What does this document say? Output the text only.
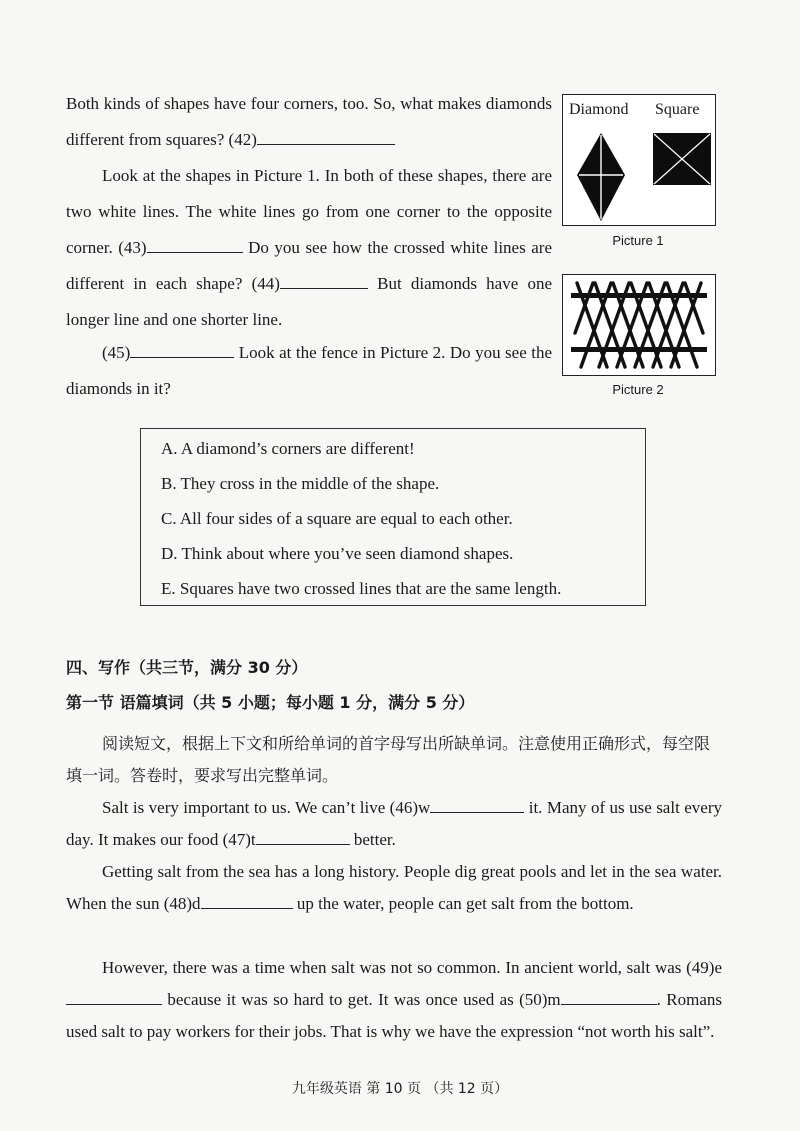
Both kinds of shapes have four corners, too. So, what makes diamonds different from squares? (42)

Look at the shapes in Picture 1. In both of these shapes, there are two white lines. The white lines go from one corner to the opposite corner. (43)	Do you see how the crossed white lines are different in each shape? (44)	But diamonds have one longer line and one shorter line.

(45)	Look at the fence in Picture 2. Do you see the diamonds in it?

Diamond Square
Picture 1
Picture 2
A. A diamond’s corners are different!
B. They cross in the middle of the shape.
C. All four sides of a square are equal to each other.
D. Think about where you’ve seen diamond shapes.
E. Squares have two crossed lines that are the same length.
四、写作（共三节，满分 30 分）
第一节 语篇填词（共 5 小题；每小题 1 分，满分 5 分）

阅读短文，根据上下文和所给单词的首字母写出所缺单词。注意使用正确形式，每空限填一词。答卷时，要求写出完整单词。

Salt is very important to us. We can’t live (46)w	it. Many of us use salt every day. It makes our food (47)t	better.

Getting salt from the sea has a long history. People dig great pools and let in the sea water. When the sun (48)d	up the water, people can get salt from the bottom.

However, there was a time when salt was not so common. In ancient world, salt was (49)e because it was so hard to get. It was once used as (50)m	. Romans used salt to pay workers for their jobs. That is why we have the expression “not worth his salt”.

九年级英语 第 10 页 （共 12 页）
